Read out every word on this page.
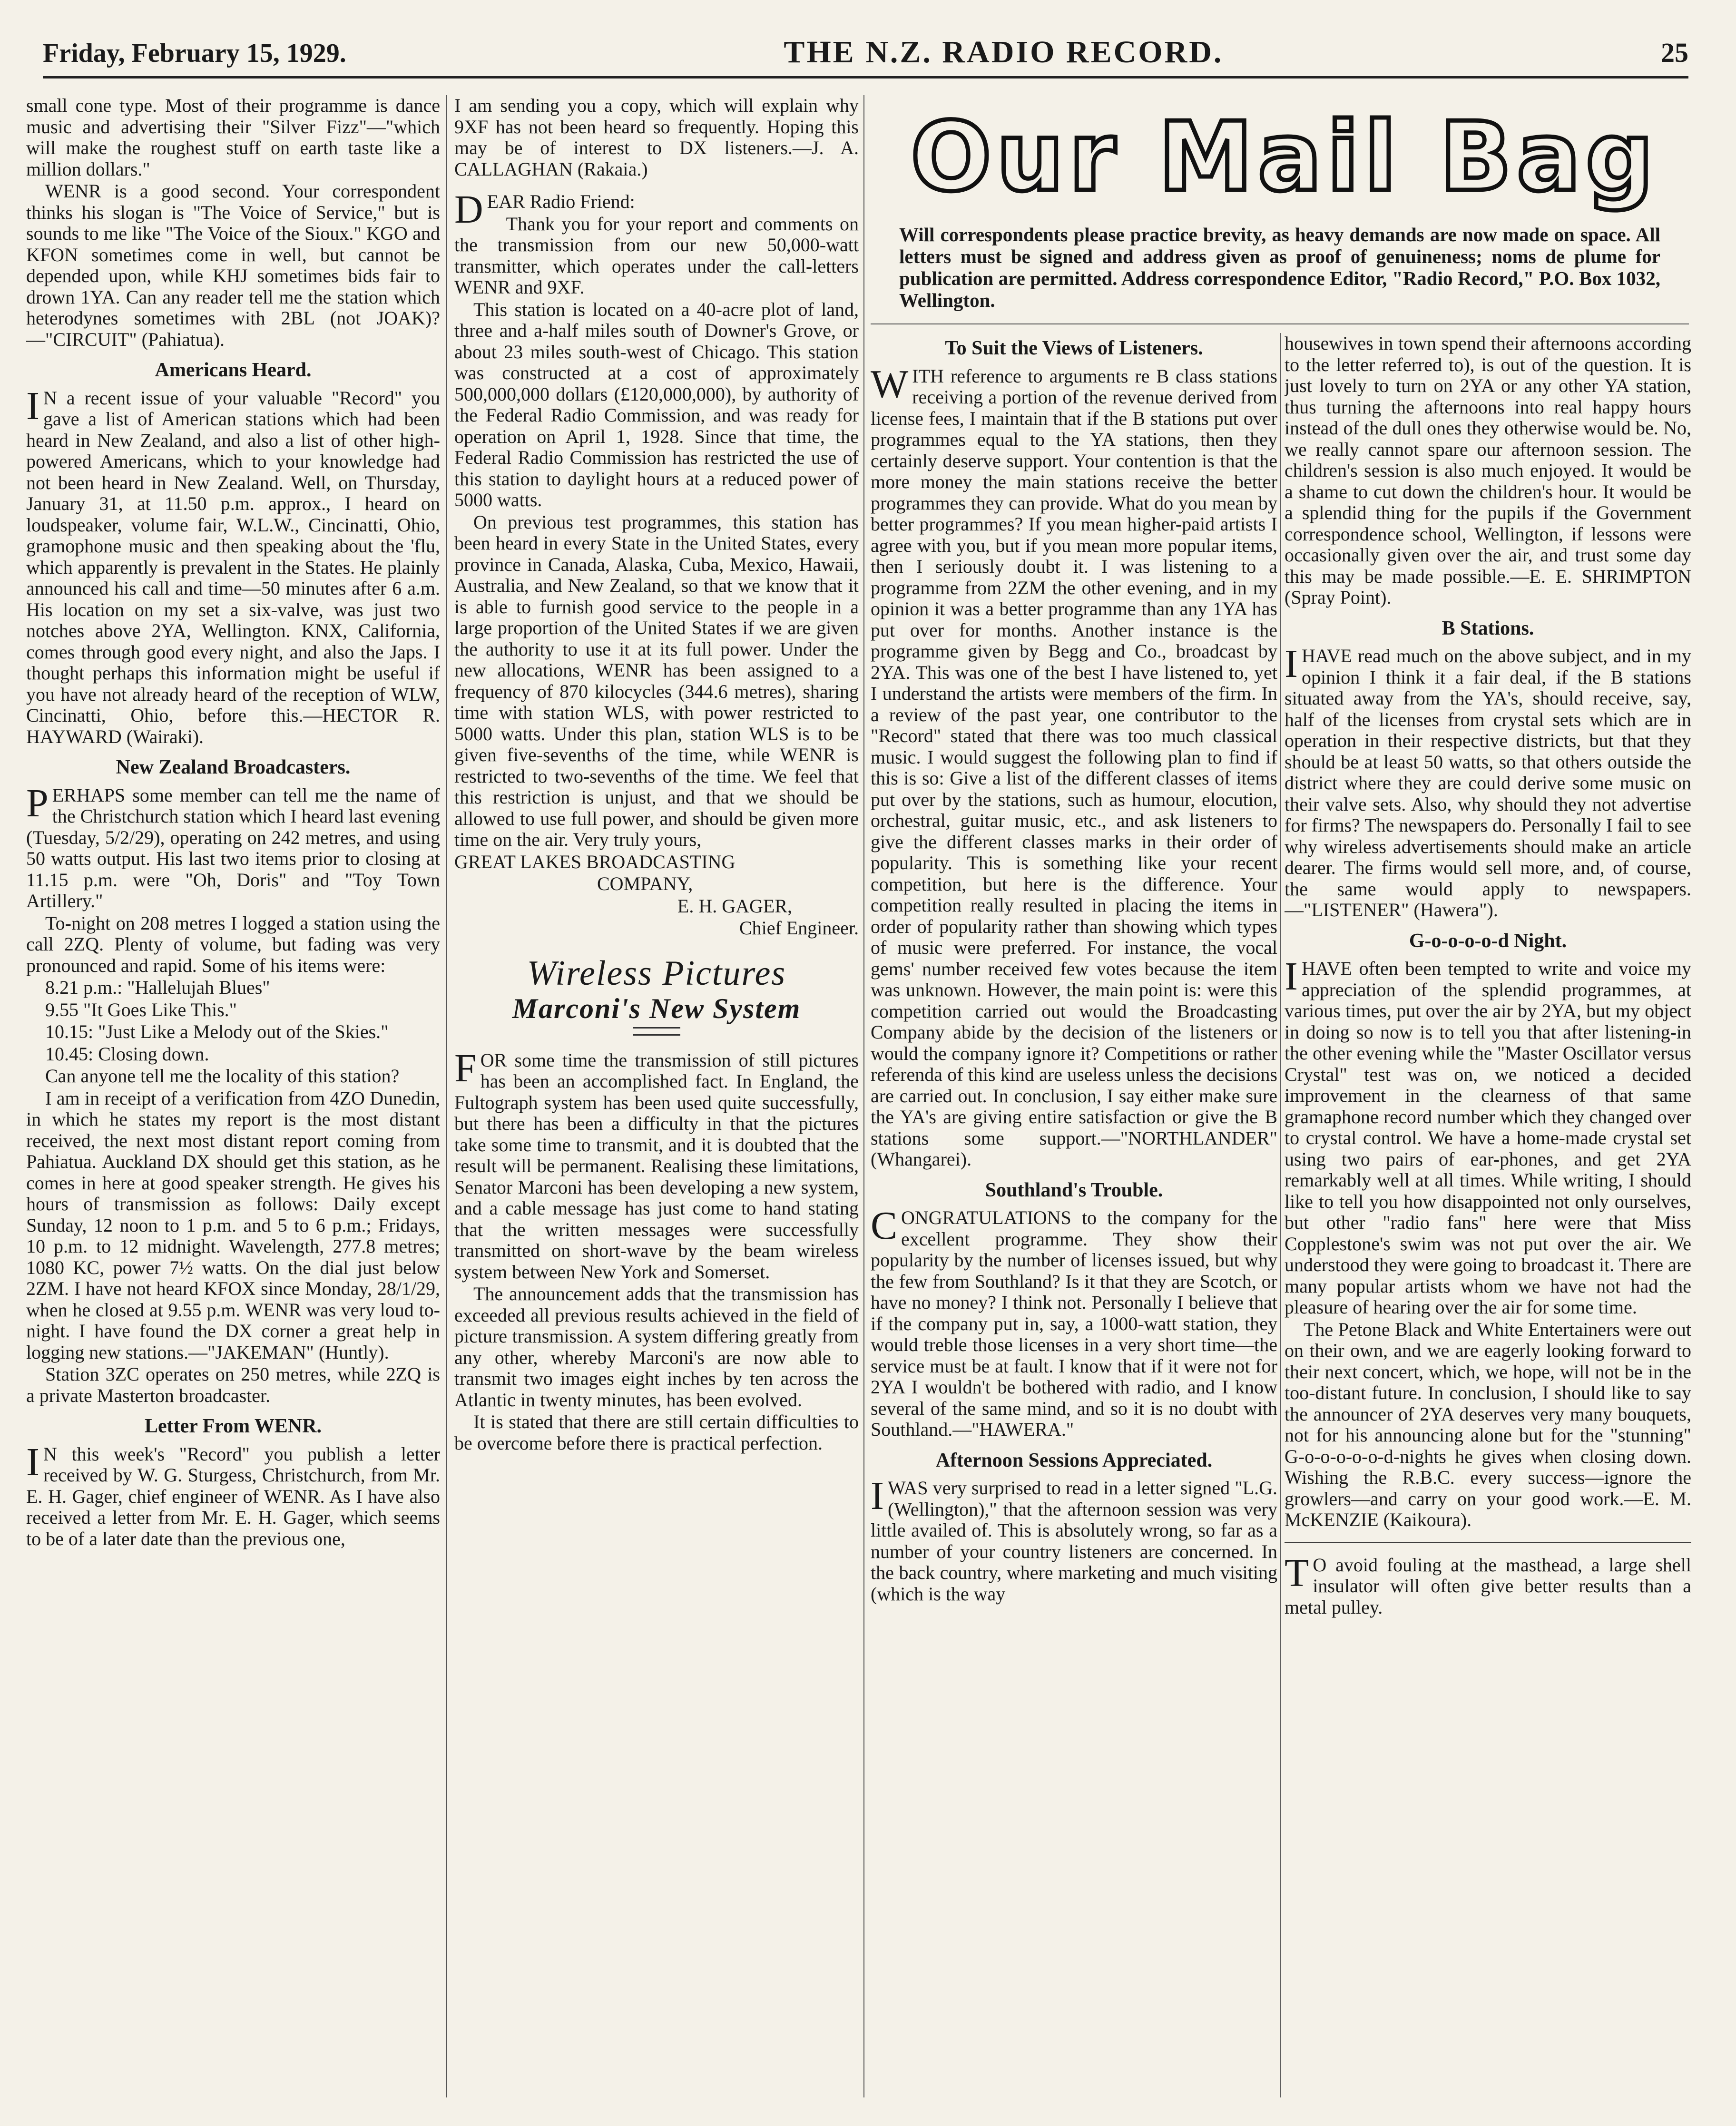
Friday, February 15, 1929.	THE N.Z. RADIO RECORD.	25

small cone type. Most of their programme is dance music and advertising their "Silver Fizz"—"which will make the roughest stuff on earth taste like a million dollars."

WENR is a good second. Your correspondent thinks his slogan is "The Voice of Service," but is sounds to me like "The Voice of the Sioux." KGO and KFON sometimes come in well, but cannot be depended upon, while KHJ sometimes bids fair to drown 1YA. Can any reader tell me the station which heterodynes sometimes with 2BL (not JOAK)?—"CIRCUIT" (Pahiatua).

Americans Heard.

I N a recent issue of your valuable "Record" you gave a list of American stations which had been heard in New Zealand, and also a list of other high-powered Americans, which to your knowledge had not been heard in New Zealand. Well, on Thursday, January 31, at 11.50 p.m. approx., I heard on loudspeaker, volume fair, W.L.W., Cincinatti, Ohio, gramophone music and then speaking about the 'flu, which apparently is prevalent in the States. He plainly announced his call and time—50 minutes after 6 a.m. His location on my set a six-valve, was just two notches above 2YA, Wellington. KNX, California, comes through good every night, and also the Japs. I thought perhaps this information might be useful if you have not already heard of the reception of WLW, Cincinatti, Ohio, before this.—HECTOR R. HAYWARD (Wairaki).

New Zealand Broadcasters.

PERHAPS some member can tell me the name of the Christchurch station which I heard last evening (Tuesday, 5/2/29), operating on 242 metres, and using 50 watts output. His last two items prior to closing at 11.15 p.m. were "Oh, Doris" and "Toy Town Artillery."

To-night on 208 metres I logged a station using the call 2ZQ. Plenty of volume, but fading was very pronounced and rapid. Some of his items were:

8.21 p.m.: "Hallelujah Blues"

9.55 "It Goes Like This."

10.15: "Just Like a Melody out of the Skies."

10.45: Closing down.

Can anyone tell me the locality of this station?

I am in receipt of a verification from 4ZO Dunedin, in which he states my report is the most distant received, the next most distant report coming from Pahiatua. Auckland DX should get this station, as he comes in here at good speaker strength. He gives his hours of transmission as follows: Daily except Sunday, 12 noon to 1 p.m. and 5 to 6 p.m.; Fridays, 10 p.m. to 12 midnight. Wavelength, 277.8 metres; 1080 KC, power 7½ watts. On the dial just below 2ZM. I have not heard KFOX since Monday, 28/1/29, when he closed at 9.55 p.m. WENR was very loud to-night. I have found the DX corner a great help in logging new stations.—"JAKEMAN" (Huntly).

Station 3ZC operates on 250 metres, while 2ZQ is a private Masterton broadcaster.

Letter From WENR.

I N this week's "Record" you publish a letter received by W. G. Sturgess, Christchurch, from Mr. E. H. Gager, chief engineer of WENR. As I have also received a letter from Mr. E. H. Gager, which seems to be of a later date than the previous one,

I am sending you a copy, which will explain why 9XF has not been heard so frequently. Hoping this may be of interest to DX listeners.—J. A. CALLAGHAN (Rakaia.)

DEAR Radio Friend:

Thank you for your report and comments on the transmission from our new 50,000-watt transmitter, which operates under the call-letters WENR and 9XF.

This station is located on a 40-acre plot of land, three and a-half miles south of Downer's Grove, or about 23 miles south-west of Chicago. This station was constructed at a cost of approximately 500,000,000 dollars (£120,000,000), by authority of the Federal Radio Commission, and was ready for operation on April 1, 1928. Since that time, the Federal Radio Commission has restricted the use of this station to daylight hours at a reduced power of 5000 watts.

On previous test programmes, this station has been heard in every State in the United States, every province in Canada, Alaska, Cuba, Mexico, Hawaii, Australia, and New Zealand, so that we know that it is able to furnish good service to the people in a large proportion of the United States if we are given the authority to use it at its full power. Under the new allocations, WENR has been assigned to a frequency of 870 kilocycles (344.6 metres), sharing time with station WLS, with power restricted to 5000 watts. Under this plan, station WLS is to be given five-sevenths of the time, while WENR is restricted to two-sevenths of the time. We feel that this restriction is unjust, and that we should be allowed to use full power, and should be given more time on the air. Very truly yours,

GREAT LAKES BROADCASTING

COMPANY,

E. H. GAGER,

Chief Engineer.

Wireless Pictures
Marconi's New System

FOR some time the transmission of still pictures has been an accomplished fact. In England, the Fultograph system has been used quite successfully, but there has been a difficulty in that the pictures take some time to transmit, and it is doubted that the result will be permanent. Realising these limitations, Senator Marconi has been developing a new system, and a cable message has just come to hand stating that the written messages were successfully transmitted on short-wave by the beam wireless system between New York and Somerset.

The announcement adds that the transmission has exceeded all previous results achieved in the field of picture transmission. A system differing greatly from any other, whereby Marconi's are now able to transmit two images eight inches by ten across the Atlantic in twenty minutes, has been evolved.

It is stated that there are still certain difficulties to be overcome before there is practical perfection.

Our Mail Bag
Will correspondents please practice brevity, as heavy demands are now made on space. All letters must be signed and address given as proof of genuineness; noms de plume for publication are permitted. Address correspondence Editor, "Radio Record," P.O. Box 1032, Wellington.
To Suit the Views of Listeners.

WITH reference to arguments re B class stations receiving a portion of the revenue derived from license fees, I maintain that if the B stations put over programmes equal to the YA stations, then they certainly deserve support. Your contention is that the more money the main stations receive the better programmes they can provide. What do you mean by better programmes? If you mean higher-paid artists I agree with you, but if you mean more popular items, then I seriously doubt it. I was listening to a programme from 2ZM the other evening, and in my opinion it was a better programme than any 1YA has put over for months. Another instance is the programme given by Begg and Co., broadcast by 2YA. This was one of the best I have listened to, yet I understand the artists were members of the firm. In a review of the past year, one contributor to the "Record" stated that there was too much classical music. I would suggest the following plan to find if this is so: Give a list of the different classes of items put over by the stations, such as humour, elocution, orchestral, guitar music, etc., and ask listeners to give the different classes marks in their order of popularity. This is something like your recent competition, but here is the difference. Your competition really resulted in placing the items in order of popularity rather than showing which types of music were preferred. For instance, the vocal gems' number received few votes because the item was unknown. However, the main point is: were this competition carried out would the Broadcasting Company abide by the decision of the listeners or would the company ignore it? Competitions or rather referenda of this kind are useless unless the decisions are carried out. In conclusion, I say either make sure the YA's are giving entire satisfaction or give the B stations some support.—"NORTHLANDER" (Whangarei).

Southland's Trouble.

CONGRATULATIONS to the company for the excellent programme. They show their popularity by the number of licenses issued, but why the few from Southland? Is it that they are Scotch, or have no money? I think not. Personally I believe that if the company put in, say, a 1000-watt station, they would treble those licenses in a very short time—the service must be at fault. I know that if it were not for 2YA I wouldn't be bothered with radio, and I know several of the same mind, and so it is no doubt with Southland.—"HAWERA."

Afternoon Sessions Appreciated.

IWAS very surprised to read in a letter signed "L.G. (Wellington)," that the afternoon session was very little availed of. This is absolutely wrong, so far as a number of your country listeners are concerned. In the back country, where marketing and much visiting (which is the way

housewives in town spend their afternoons according to the letter referred to), is out of the question. It is just lovely to turn on 2YA or any other YA station, thus turning the afternoons into real happy hours instead of the dull ones they otherwise would be. No, we really cannot spare our afternoon session. The children's session is also much enjoyed. It would be a shame to cut down the children's hour. It would be a splendid thing for the pupils if the Government correspondence school, Wellington, if lessons were occasionally given over the air, and trust some day this may be made possible.—E. E. SHRIMPTON (Spray Point).

B Stations.

IHAVE read much on the above subject, and in my opinion I think it a fair deal, if the B stations situated away from the YA's, should receive, say, half of the licenses from crystal sets which are in operation in their respective districts, but that they should be at least 50 watts, so that others outside the district where they are could derive some music on their valve sets. Also, why should they not advertise for firms? The newspapers do. Personally I fail to see why wireless advertisements should make an article dearer. The firms would sell more, and, of course, the same would apply to newspapers.—"LISTENER" (Hawera").

G-o-o-o-o-d Night.

IHAVE often been tempted to write and voice my appreciation of the splendid programmes, at various times, put over the air by 2YA, but my object in doing so now is to tell you that after listening-in the other evening while the "Master Oscillator versus Crystal" test was on, we noticed a decided improvement in the clearness of that same gramaphone record number which they changed over to crystal control. We have a home-made crystal set using two pairs of ear-phones, and get 2YA remarkably well at all times. While writing, I should like to tell you how disappointed not only ourselves, but other "radio fans" here were that Miss Copplestone's swim was not put over the air. We understood they were going to broadcast it. There are many popular artists whom we have not had the pleasure of hearing over the air for some time.

The Petone Black and White Entertainers were out on their own, and we are eagerly looking forward to their next concert, which, we hope, will not be in the too-distant future. In conclusion, I should like to say the announcer of 2YA deserves very many bouquets, not for his announcing alone but for the "stunning" G-o-o-o-o-o-d-nights he gives when closing down. Wishing the R.B.C. every success—ignore the growlers—and carry on your good work.—E. M. McKENZIE (Kaikoura).

T O avoid fouling at the masthead, a large shell insulator will often give better results than a metal pulley.
